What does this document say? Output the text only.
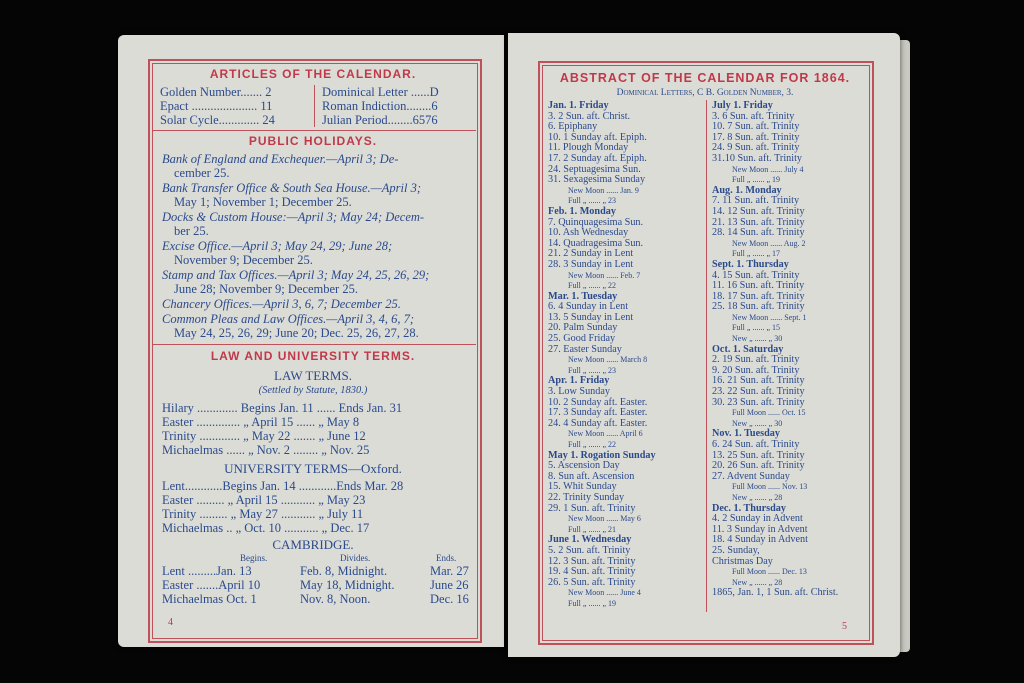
ARTICLES OF THE CALENDAR.
Golden Number....... 2
Epact ..................... 11
Solar Cycle............. 24
Dominical Letter ......D
Roman Indiction........6
Julian Period........6576
PUBLIC HOLIDAYS.
Bank of England and Exchequer.—April 3; De-
cember 25.
Bank Transfer Office & South Sea House.—April 3;
May 1; November 1; December 25.
Docks & Custom House:—April 3; May 24; Decem-
ber 25.
Excise Office.—April 3; May 24, 29; June 28;
November 9; December 25.
Stamp and Tax Offices.—April 3; May 24, 25, 26, 29;
June 28; November 9; December 25.
Chancery Offices.—April 3, 6, 7; December 25.
Common Pleas and Law Offices.—April 3, 4, 6, 7;
May 24, 25, 26, 29; June 20; Dec. 25, 26, 27, 28.
LAW AND UNIVERSITY TERMS.
LAW TERMS.
(Settled by Statute, 1830.)
Hilary ............. Begins Jan. 11 ...... Ends Jan. 31
Easter .............. „ April 15 ...... „ May 8
Trinity ............. „ May 22 ....... „ June 12
Michaelmas ...... „ Nov. 2 ........ „ Nov. 25
UNIVERSITY TERMS—Oxford.
Lent............Begins Jan. 14 ............Ends Mar. 28
Easter ......... „ April 15 ........... „ May 23
Trinity ......... „ May 27 ........... „ July 11
Michaelmas .. „ Oct. 10 ........... „ Dec. 17
CAMBRIDGE.
Begins.	Divides.	Ends.
Lent .........Jan. 13	Feb. 8, Midnight.	Mar. 27
Easter .......April 10	May 18, Midnight.	June 26
Michaelmas Oct. 1	Nov. 8, Noon.	Dec. 16
4
ABSTRACT OF THE CALENDAR FOR 1864.
Dominical Letters, C B. Golden Number, 3.
Jan. 1. Friday
3. 2 Sun. aft. Christ.
6. Epiphany
10. 1 Sunday aft. Epiph.
11. Plough Monday
17. 2 Sunday aft. Epiph.
24. Septuagesima Sun.
31. Sexagesima Sunday
New Moon ...... Jan. 9
Full „ ...... „ 23
Feb. 1. Monday
7. Quinquagesima Sun.
10. Ash Wednesday
14. Quadragesima Sun.
21. 2 Sunday in Lent
28. 3 Sunday in Lent
New Moon ...... Feb. 7
Full „ ...... „ 22
Mar. 1. Tuesday
6. 4 Sunday in Lent
13. 5 Sunday in Lent
20. Palm Sunday
25. Good Friday
27. Easter Sunday
New Moon ...... March 8
Full „ ...... „ 23
Apr. 1. Friday
3. Low Sunday
10. 2 Sunday aft. Easter.
17. 3 Sunday aft. Easter.
24. 4 Sunday aft. Easter.
New Moon ...... April 6
Full „ ...... „ 22
May 1. Rogation Sunday
5. Ascension Day
8. Sun aft. Ascension
15. Whit Sunday
22. Trinity Sunday
29. 1 Sun. aft. Trinity
New Moon ...... May 6
Full „ ...... „ 21
June 1. Wednesday
5. 2 Sun. aft. Trinity
12. 3 Sun. aft. Trinity
19. 4 Sun. aft. Trinity
26. 5 Sun. aft. Trinity
New Moon ...... June 4
Full „ ...... „ 19
July 1. Friday
3. 6 Sun. aft. Trinity
10. 7 Sun. aft. Trinity
17. 8 Sun. aft. Trinity
24. 9 Sun. aft. Trinity
31.10 Sun. aft. Trinity
New Moon ...... July 4
Full „ ...... „ 19
Aug. 1. Monday
7. 11 Sun. aft. Trinity
14. 12 Sun. aft. Trinity
21. 13 Sun. aft. Trinity
28. 14 Sun. aft. Trinity
New Moon ...... Aug. 2
Full „ ...... „ 17
Sept. 1. Thursday
4. 15 Sun. aft. Trinity
11. 16 Sun. aft. Trinity
18. 17 Sun. aft. Trinity
25. 18 Sun. aft. Trinity
New Moon ...... Sept. 1
Full „ ...... „ 15
New „ ...... „ 30
Oct. 1. Saturday
2. 19 Sun. aft. Trinity
9. 20 Sun. aft. Trinity
16. 21 Sun. aft. Trinity
23. 22 Sun. aft. Trinity
30. 23 Sun. aft. Trinity
Full Moon ...... Oct. 15
New „ ...... „ 30
Nov. 1. Tuesday
6. 24 Sun. aft. Trinity
13. 25 Sun. aft. Trinity
20. 26 Sun. aft. Trinity
27. Advent Sunday
Full Moon ...... Nov. 13
New „ ...... „ 28
Dec. 1. Thursday
4. 2 Sunday in Advent
11. 3 Sunday in Advent
18. 4 Sunday in Advent
25. Sunday,
Christmas Day
Full Moon ...... Dec. 13
New „ ...... „ 28
1865, Jan. 1, 1 Sun. aft. Christ.
5
